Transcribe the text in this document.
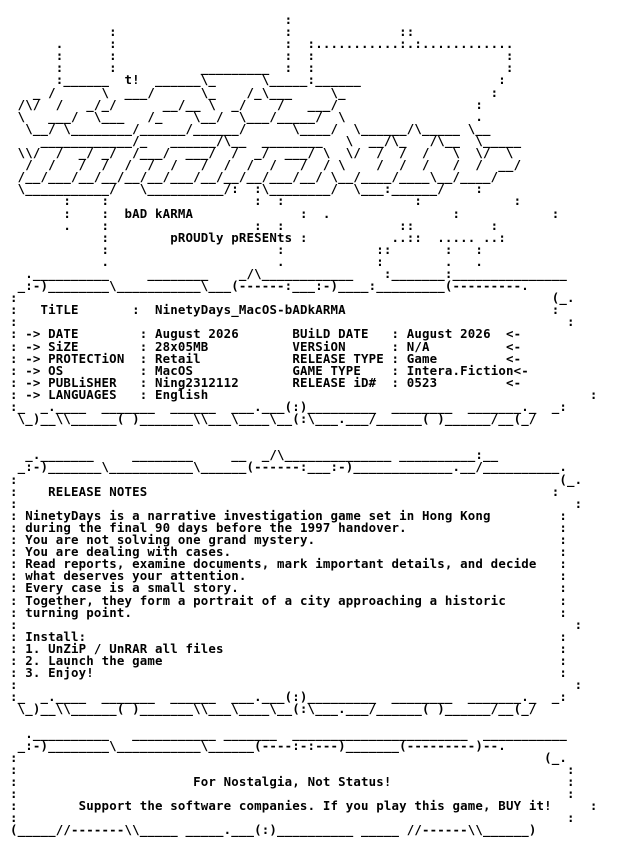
:
:                      :              ::
.      :                      :  :...........:.:............
:      :                      :  :                         :
:      :           _________  :  :                         :
:______  t!  ______\_      \_____:______                  :
_ /      \  ___/      \_    /_\___     \_                   :
/\/  /   _/_/      __/__ \  _/    /   ___/                  :
\   ___/  \___   /_    \__/  \___/_____/  \                 .
\__/ \________/______/______/      \____/  \______/\_____ \__
____________/_   ______/\__  ________   \  __/\_   /\__  \_____
\\/  /  _/ _/  /___/  ___/  /  _/  ___/ \  \/  /  /  /   \  \/  \
/  /   /  /  /  /  /   /  /  /  /   /  / \    /  /  /   /  /  __/
/__/___/__/__/__/__/___/__/__/__/___/__/ \__/____/____\__/____/
\___________/   \__________/:  :\________/  \___:______/    :
:    :                   :  :                 :            :
:    :  bAD kARMA	:  .                :            :
.    :                   :  :               ::          :
:        pROUDly pRESENts :           ..::  ..... ..:
:                      :            ::       :   :
.                      .            :        .   .
.__________     ________    _/\____________    :_______:_______________
_:-)________\___________\___(------:___:-)____:_________(---------.
:                                                                      (_.
:   TiTLE       :  NinetyDays_MacOS-bADkARMA	:
:                                                                        :
: -> DATE        : August 2026       BUiLD DATE   : August 2026  <-
: -> SiZE        : 28x05MB           VERSiON      : N/A          <-
: -> PROTECTiON  : Retail            RELEASE TYPE : Game         <-
: -> OS          : MacOS             GAME TYPE    : Intera.Fiction<-
: -> PUBLiSHER   : Ning2312112       RELEASE iD#  : 0523         <-
: -> LANGUAGES   : English	:
:_  _.____  _______  ______  ___.___(:)_________  ________  _______._  _:
\_)__\\______( )_______\\___\____\__(:\___.___/______( )______/__(_/

_._______     ________     __  _/\______________ __________:__
_:-)_______\___________\______(------:___:-)_____________.__/__________.
:                                                                       (_.
:    RELEASE NOTES	:
:                                                                         :
: NinetyDays is a narrative investigation game set in Hong Kong         :
: during the final 90 days before the 1997 handover.                    :
: You are not solving one grand mystery.                                :
: You are dealing with cases.                                           :
: Read reports, examine documents, mark important details, and decide   :
: what deserves your attention.                                         :
: Every case is a small story.                                          :
: Together, they form a portrait of a city approaching a historic       :
: turning point.                                                        :
:                                                                         :
: Install:                                                              :
: 1. UnZiP / UnRAR all files                                            :
: 2. Launch the game                                                    :
: 3. Enjoy!                                                             :
:                                                                         :
:_  _.____  _______  ______  ___.___(:)_________  ________  _______._  _:
\_)__\\______( )_______\\___\____\__(:\___.___/______( )______/__(_/

.__________   ___________ _______  _______________________  ___________
_:-)________\___________\______(----:-:---)_______(---------)--.
:                                                                     (_.
:                                                                        :
:                       For Nostalgia, Not Status!	:
:                                                                        :
:        Support the software companies. If you play this game, BUY it!	:
:                                                                        :
(_____//-------\\_____ _____.___(:)__________ _____ //------\\______)
